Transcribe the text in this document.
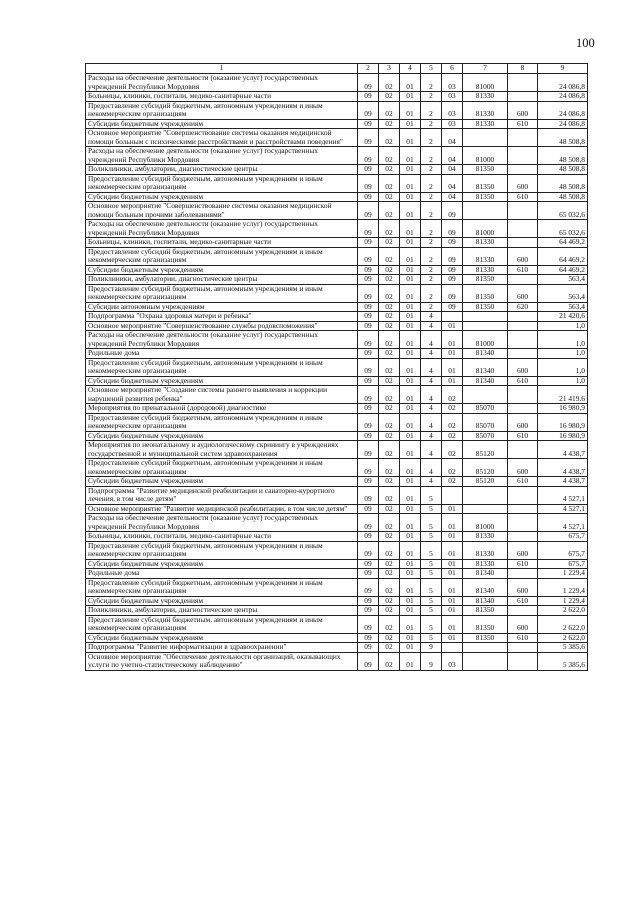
100
1	2	3	4	5	6	7	8	9
Расходы на обеспечение деятельности (оказание услуг) государственных учреждений Республики Мордовия	09	02	01	2	03	81000		24 086,8
Больницы, клиники, госпитали, медико-санитарные части	09	02	01	2	03	81330		24 086,8
Предоставление субсидий бюджетным, автономным учреждениям и иным некоммерческим организациям	09	02	01	2	03	81330	600	24 086,8
Субсидии бюджетным учреждениям	09	02	01	2	03	81330	610	24 086,8
Основное мероприятие "Совершенствование системы оказания медицинской помощи больным с психическими расстройствами и расстройствами поведения"	09	02	01	2	04			48 508,8
Расходы на обеспечение деятельности (оказание услуг) государственных учреждений Республики Мордовия	09	02	01	2	04	81000		48 508,8
Поликлиники, амбулатории, диагностические центры	09	02	01	2	04	81350		48 508,8
Предоставление субсидий бюджетным, автономным учреждениям и иным некоммерческим организациям	09	02	01	2	04	81350	600	48 508,8
Субсидии бюджетным учреждениям	09	02	01	2	04	81350	610	48 508,8
Основное мероприятие "Совершенствование системы оказания медицинской помощи больным прочими заболеваниями"	09	02	01	2	09			65 032,6
Расходы на обеспечение деятельности (оказание услуг) государственных учреждений Республики Мордовия	09	02	01	2	09	81000		65 032,6
Больницы, клиники, госпитали, медико-санитарные части	09	02	01	2	09	81330		64 469,2
Предоставление субсидий бюджетным, автономным учреждениям и иным некоммерческим организациям	09	02	01	2	09	81330	600	64 469,2
Субсидии бюджетным учреждениям	09	02	01	2	09	81330	610	64 469,2
Поликлиники, амбулатории, диагностические центры	09	02	01	2	09	81350		563,4
Предоставление субсидий бюджетным, автономным учреждениям и иным некоммерческим организациям	09	02	01	2	09	81350	600	563,4
Субсидии автономным учреждениям	09	02	01	2	09	81350	620	563,4
Подпрограмма "Охрана здоровья матери и ребенка"	09	02	01	4				21 420,6
Основное мероприятие "Совершенствование службы родовспоможения"	09	02	01	4	01			1,0
Расходы на обеспечение деятельности (оказание услуг) государственных учреждений Республики Мордовия	09	02	01	4	01	81000		1,0
Родильные дома	09	02	01	4	01	81340		1,0
Предоставление субсидий бюджетным, автономным учреждениям и иным некоммерческим организациям	09	02	01	4	01	81340	600	1,0
Субсидии бюджетным учреждениям	09	02	01	4	01	81340	610	1,0
Основное мероприятие "Создание системы раннего выявления и коррекции нарушений развития ребенка"	09	02	01	4	02			21 419,6
Мероприятия по пренатальной (дородовой) диагностике	09	02	01	4	02	85070		16 980,9
Предоставление субсидий бюджетным, автономным учреждениям и иным некоммерческим организациям	09	02	01	4	02	85070	600	16 980,9
Субсидии бюджетным учреждениям	09	02	01	4	02	85070	610	16 980,9
Мероприятия по неонатальному и аудиологическому скринингу в учреждениях государственной и муниципальной систем здравоохранения	09	02	01	4	02	85120		4 438,7
Предоставление субсидий бюджетным, автономным учреждениям и иным некоммерческим организациям	09	02	01	4	02	85120	600	4 438,7
Субсидии бюджетным учреждениям	09	02	01	4	02	85120	610	4 438,7
Подпрограмма "Развитие медицинской реабилитации и санаторно-курортного лечения, в том числе детям"	09	02	01	5				4 527,1
Основное мероприятие "Развитие медицинской реабилитации, в том числе детям"	09	02	01	5	01			4 527,1
Расходы на обеспечение деятельности (оказание услуг) государственных учреждений Республики Мордовия	09	02	01	5	01	81000		4 527,1
Больницы, клиники, госпитали, медико-санитарные части	09	02	01	5	01	81330		675,7
Предоставление субсидий бюджетным, автономным учреждениям и иным некоммерческим организациям	09	02	01	5	01	81330	600	675,7
Субсидии бюджетным учреждениям	09	02	01	5	01	81330	610	675,7
Родильные дома	09	02	01	5	01	81340		1 229,4
Предоставление субсидий бюджетным, автономным учреждениям и иным некоммерческим организациям	09	02	01	5	01	81340	600	1 229,4
Субсидии бюджетным учреждениям	09	02	01	5	01	81340	610	1 229,4
Поликлиники, амбулатории, диагностические центры	09	02	01	5	01	81350		2 622,0
Предоставление субсидий бюджетным, автономным учреждениям и иным некоммерческим организациям	09	02	01	5	01	81350	600	2 622,0
Субсидии бюджетным учреждениям	09	02	01	5	01	81350	610	2 622,0
Подпрограмма "Развитие информатизации в здравоохранении"	09	02	01	9				5 385,6
Основное мероприятие "Обеспечение деятельности организаций, оказывающих услуги по учетно-статистическому наблюдению"	09	02	01	9	03			5 385,6
